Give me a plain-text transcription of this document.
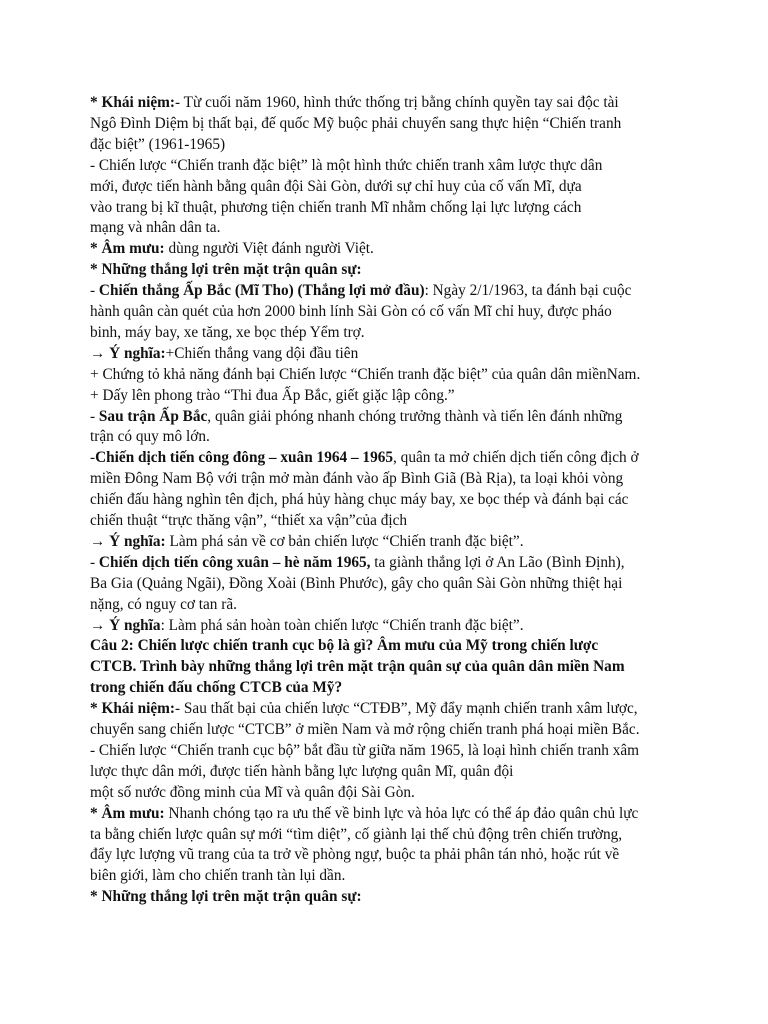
* Khái niệm:- Từ cuối năm 1960, hình thức thống trị bằng chính quyền tay sai độc tài
Ngô Đình Diệm bị thất bại, đế quốc Mỹ buộc phải chuyển sang thực hiện “Chiến tranh
đặc biệt” (1961-1965)
- Chiến lược “Chiến tranh đặc biệt” là một hình thức chiến tranh xâm lược thực dân
mới, được tiến hành bằng quân đội Sài Gòn, dưới sự chỉ huy của cố vấn Mĩ, dựa
vào trang bị kĩ thuật, phương tiện chiến tranh Mĩ nhằm chống lại lực lượng cách
mạng và nhân dân ta.
* Âm mưu: dùng người Việt đánh người Việt.
* Những thắng lợi trên mặt trận quân sự:
- Chiến thắng Ấp Bắc (Mĩ Tho) (Thắng lợi mở đầu): Ngày 2/1/1963, ta đánh bại cuộc
hành quân càn quét của hơn 2000 binh lính Sài Gòn có cố vấn Mĩ chỉ huy, được pháo
binh, máy bay, xe tăng, xe bọc thép Yểm trợ.
→ Ý nghĩa:+Chiến thắng vang dội đầu tiên
+ Chứng tỏ khả năng đánh bại Chiến lược “Chiến tranh đặc biệt” của quân dân miềnNam.
+ Dấy lên phong trào “Thi đua Ấp Bắc, giết giặc lập công.”
- Sau trận Ấp Bắc, quân giải phóng nhanh chóng trưởng thành và tiến lên đánh những
trận có quy mô lớn.
-Chiến dịch tiến công đông – xuân 1964 – 1965, quân ta mở chiến dịch tiến công địch ở
miền Đông Nam Bộ với trận mở màn đánh vào ấp Bình Giã (Bà Rịa), ta loại khỏi vòng
chiến đấu hàng nghìn tên địch, phá hủy hàng chục máy bay, xe bọc thép và đánh bại các
chiến thuật “trực thăng vận”, “thiết xa vận”của địch
→ Ý nghĩa: Làm phá sản về cơ bản chiến lược “Chiến tranh đặc biệt”.
- Chiến dịch tiến công xuân – hè năm 1965, ta giành thắng lợi ở An Lão (Bình Định),
Ba Gia (Quảng Ngãi), Đồng Xoài (Bình Phước), gây cho quân Sài Gòn những thiệt hại
nặng, có nguy cơ tan rã.
→ Ý nghĩa: Làm phá sản hoàn toàn chiến lược “Chiến tranh đặc biệt”.
Câu 2: Chiến lược chiến tranh cục bộ là gì? Âm mưu của Mỹ trong chiến lược
CTCB. Trình bày những thắng lợi trên mặt trận quân sự của quân dân miền Nam
trong chiến đấu chống CTCB của Mỹ?
* Khái niệm:- Sau thất bại của chiến lược “CTĐB”, Mỹ đẩy mạnh chiến tranh xâm lược,
chuyển sang chiến lược “CTCB” ở miền Nam và mở rộng chiến tranh phá hoại miền Bắc.
- Chiến lược “Chiến tranh cục bộ” bắt đầu từ giữa năm 1965, là loại hình chiến tranh xâm
lược thực dân mới, được tiến hành bằng lực lượng quân Mĩ, quân đội
một số nước đồng minh của Mĩ và quân đội Sài Gòn.
* Âm mưu: Nhanh chóng tạo ra ưu thế về binh lực và hỏa lực có thể áp đảo quân chủ lực
ta bằng chiến lược quân sự mới “tìm diệt”, cố giành lại thế chủ động trên chiến trường,
đẩy lực lượng vũ trang của ta trở về phòng ngự, buộc ta phải phân tán nhỏ, hoặc rút về
biên giới, làm cho chiến tranh tàn lụi dần.
* Những thắng lợi trên mặt trận quân sự:
